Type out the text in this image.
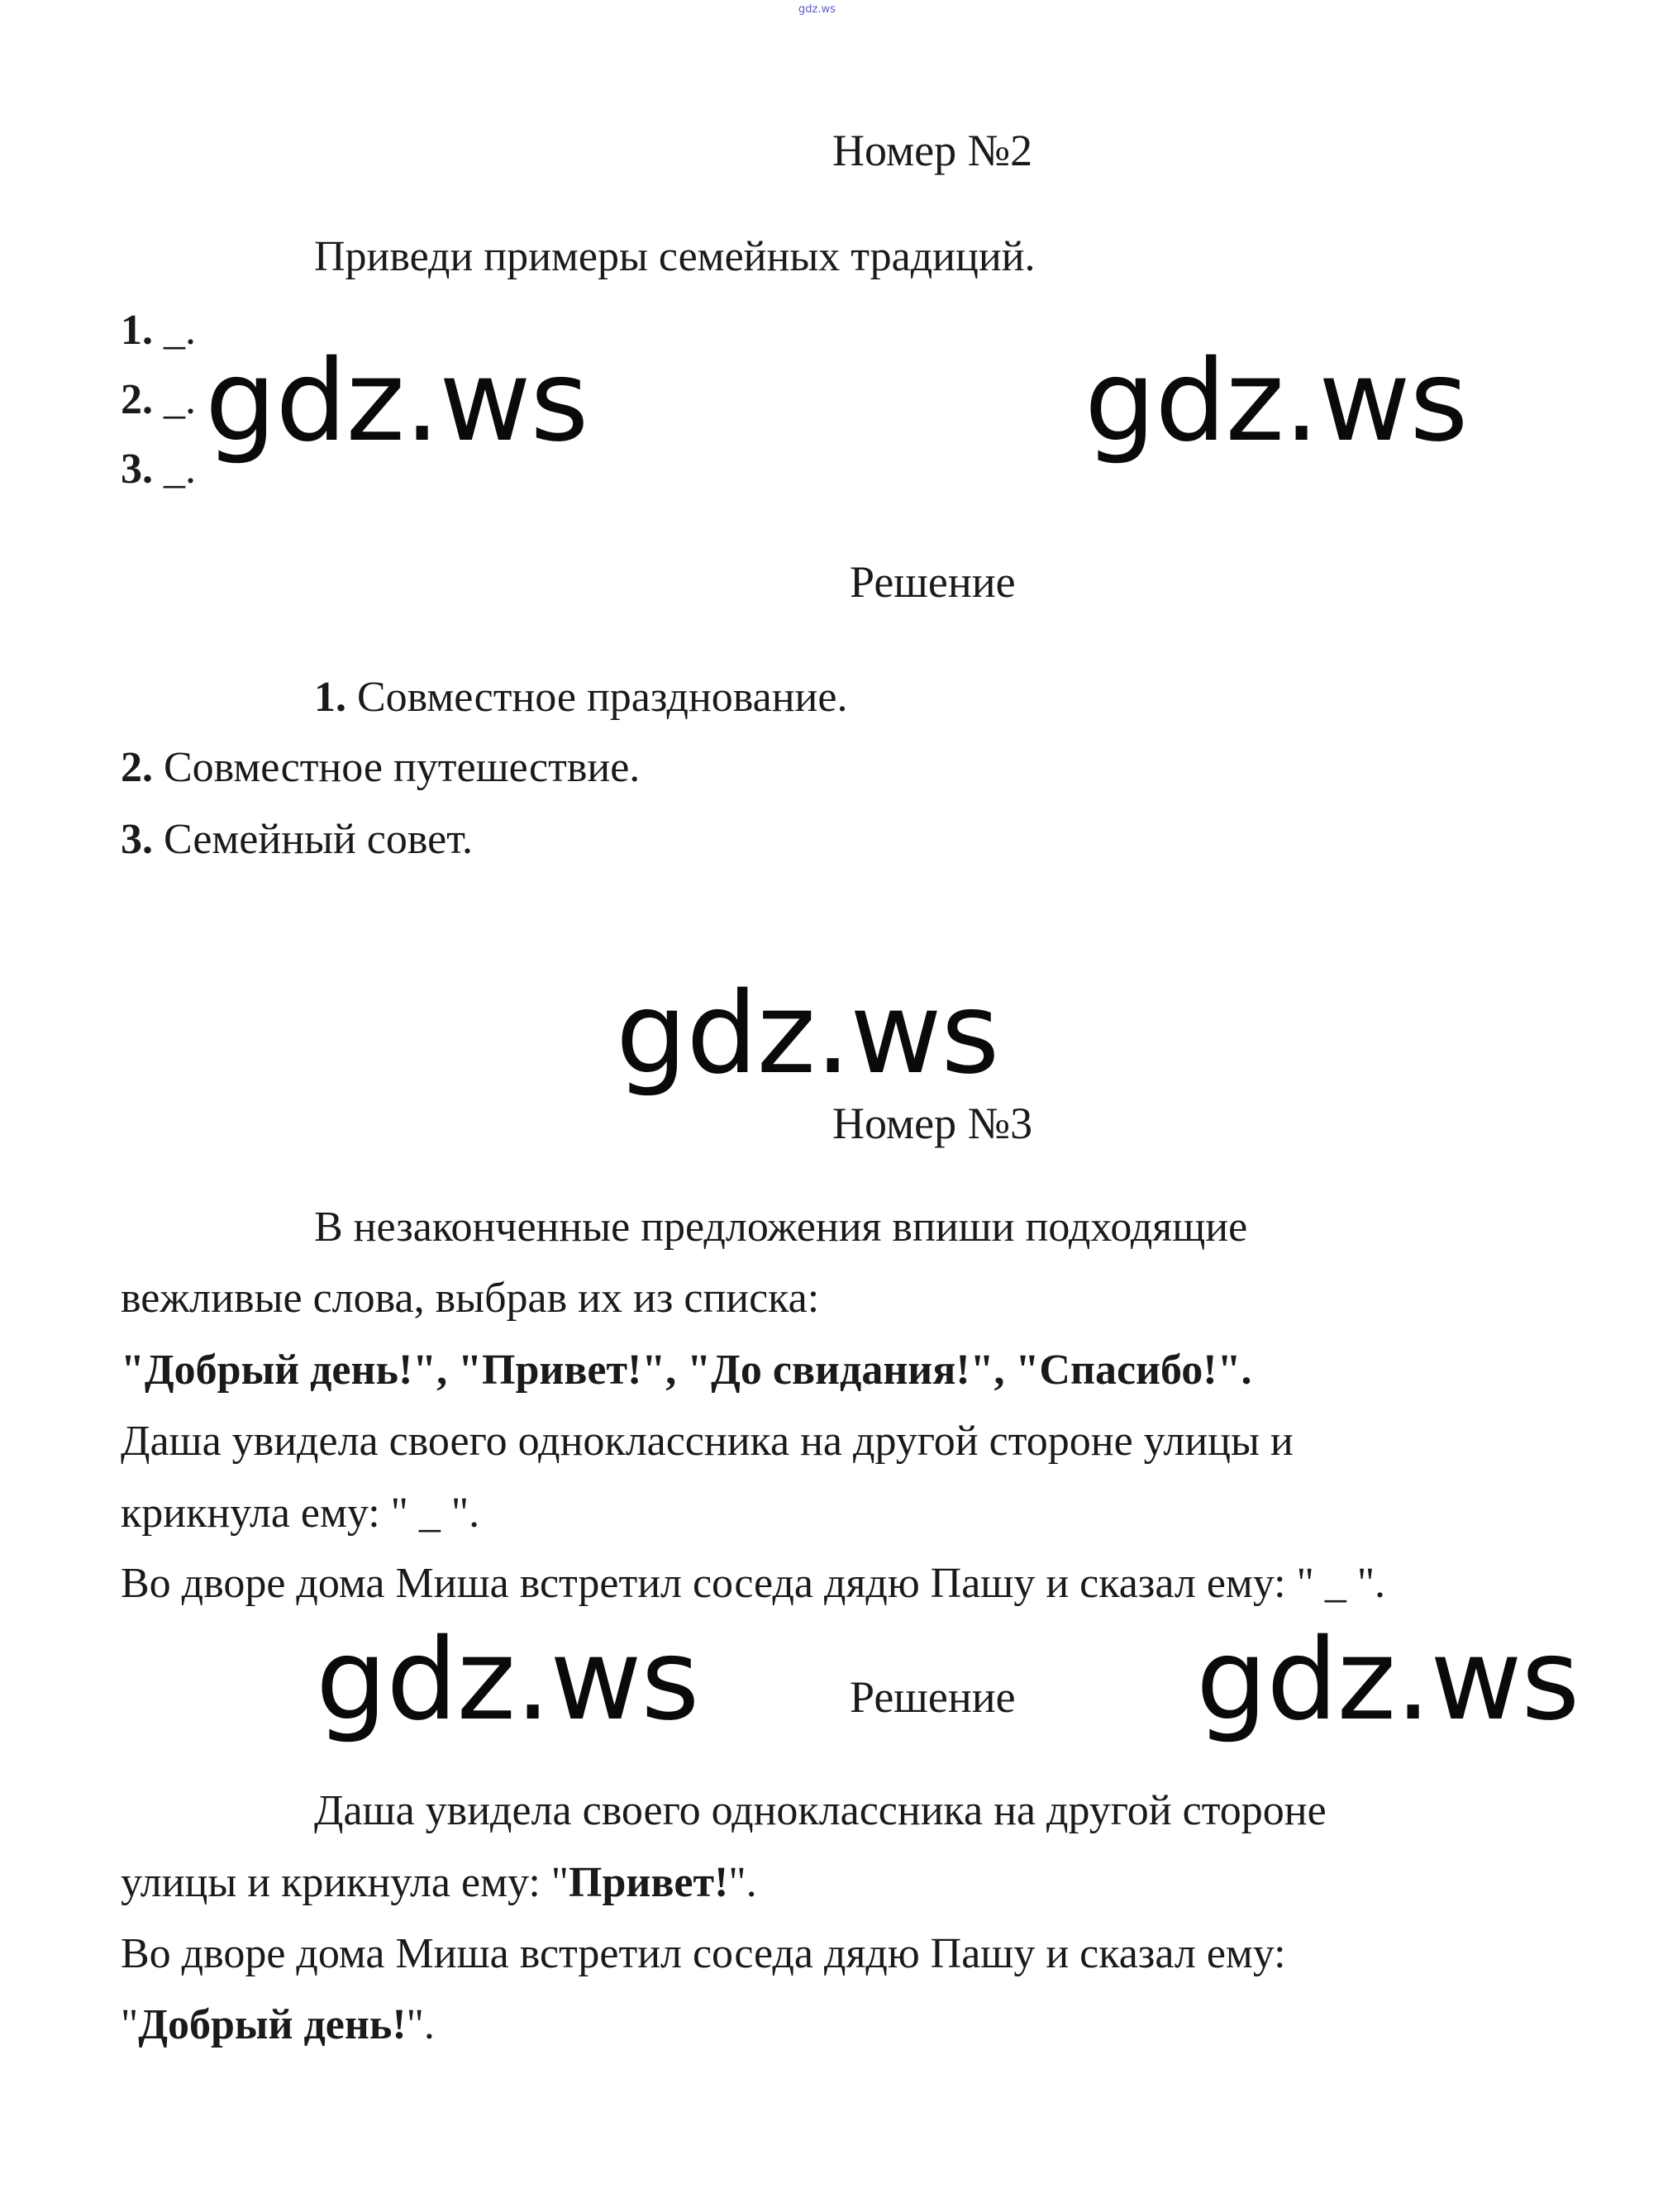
gdz.ws
Номер №2
Приведи примеры семейных традиций.
1. _.
2. _.
3. _.
Решение
1. Совместное празднование.
2. Совместное путешествие.
3. Семейный совет.
Номер №3
В незаконченные предложения впиши подходящие
вежливые слова, выбрав их из списка:
"Добрый день!", "Привет!", "До свидания!", "Спасибо!".
Даша увидела своего одноклассника на другой стороне улицы и
крикнула ему: " _ ".
Во дворе дома Миша встретил соседа дядю Пашу и сказал ему: " _ ".
Решение
Даша увидела своего одноклассника на другой стороне
улицы и крикнула ему: "Привет!".
Во дворе дома Миша встретил соседа дядю Пашу и сказал ему:
"Добрый день!".
gdz.ws	gdz.ws
gdz.ws
gdz.ws	gdz.ws
